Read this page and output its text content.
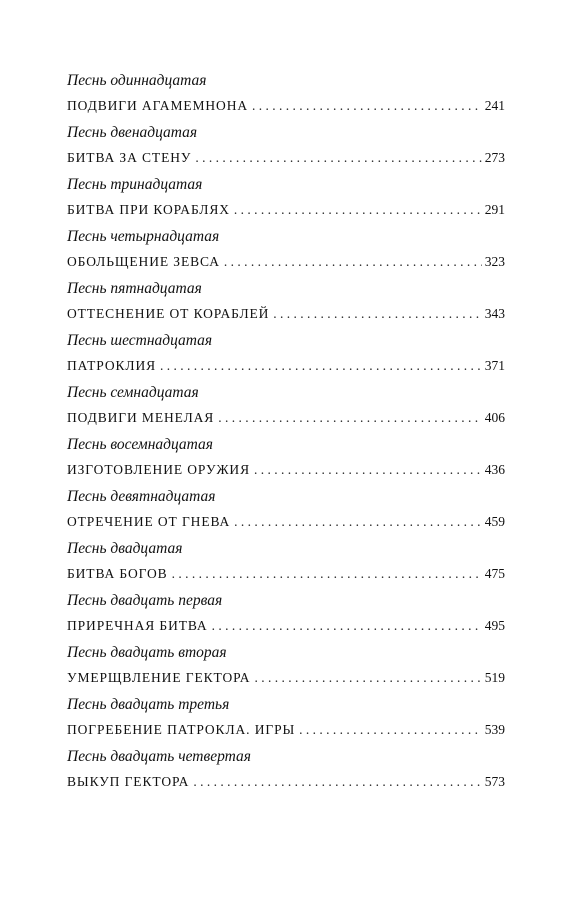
Песнь одиннадцатая
ПОДВИГИ АГАМЕМНОНА . . .	241
Песнь двенадцатая
БИТВА ЗА СТЕНУ . . .	273
Песнь тринадцатая
БИТВА ПРИ КОРАБЛЯХ . . .	291
Песнь четырнадцатая
ОБОЛЬЩЕНИЕ ЗЕВСА . . .	323
Песнь пятнадцатая
ОТТЕСНЕНИЕ ОТ КОРАБЛЕЙ . . .	343
Песнь шестнадцатая
ПАТРОКЛИЯ . . .	371
Песнь семнадцатая
ПОДВИГИ МЕНЕЛАЯ . . .	406
Песнь восемнадцатая
ИЗГОТОВЛЕНИЕ ОРУЖИЯ . . .	436
Песнь девятнадцатая
ОТРЕЧЕНИЕ ОТ ГНЕВА . . .	459
Песнь двадцатая
БИТВА БОГОВ . . .	475
Песнь двадцать первая
ПРИРЕЧНАЯ БИТВА . . .	495
Песнь двадцать вторая
УМЕРЩВЛЕНИЕ ГЕКТОРА . . .	519
Песнь двадцать третья
ПОГРЕБЕНИЕ ПАТРОКЛА. ИГРЫ . . .	539
Песнь двадцать четвертая
ВЫКУП ГЕКТОРА . . .	573
